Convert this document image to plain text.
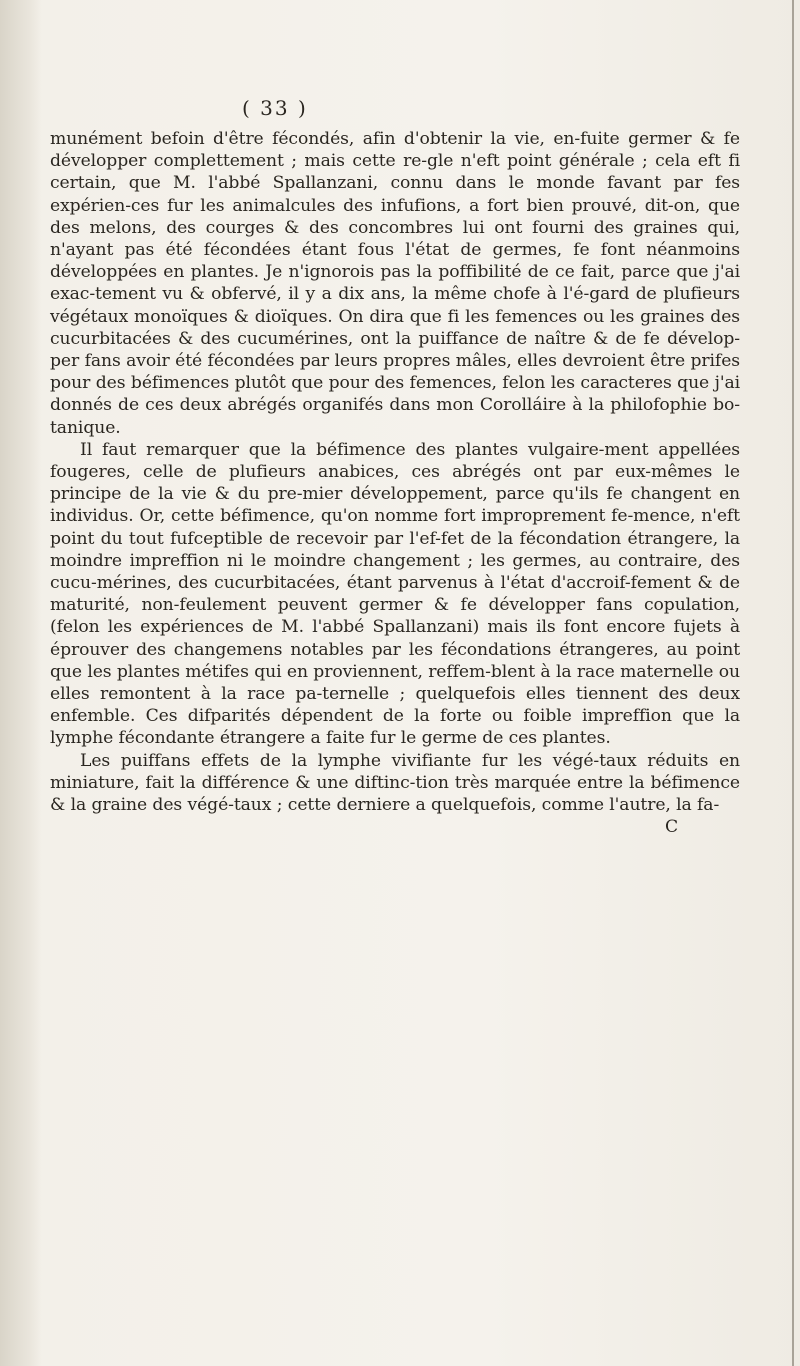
( 33 )

munément befoin d'être fécondés, afin d'obtenir la vie, en-fuite germer & fe développer complettement ; mais cette re-gle n'eft point générale ; cela eft fi certain, que M. l'abbé Spallanzani, connu dans le monde favant par fes expérien-ces fur les animalcules des infufions, a fort bien prouvé, dit-on, que des melons, des courges & des concombres lui ont fourni des graines qui, n'ayant pas été fécondées étant fous l'état de germes, fe font néanmoins développées en plantes. Je n'ignorois pas la poffibilité de ce fait, parce que j'ai exac-tement vu & obfervé, il y a dix ans, la même chofe à l'é-gard de plufieurs végétaux monoïques & dioïques. On dira que fi les femences ou les graines des cucurbitacées & des cucumérines, ont la puiffance de naître & de fe dévelop-per fans avoir été fécondées par leurs propres mâles, elles devroient être prifes pour des béfimences plutôt que pour des femences, felon les caracteres que j'ai donnés de ces deux abrégés organifés dans mon Corolláire à la philofophie bo-tanique.

Il faut remarquer que la béfimence des plantes vulgaire-ment appellées fougeres, celle de plufieurs anabices, ces abrégés ont par eux-mêmes le principe de la vie & du pre-mier développement, parce qu'ils fe changent en individus. Or, cette béfimence, qu'on nomme fort improprement fe-mence, n'eft point du tout fufceptible de recevoir par l'ef-fet de la fécondation étrangere, la moindre impreffion ni le moindre changement ; les germes, au contraire, des cucu-mérines, des cucurbitacées, étant parvenus à l'état d'accroif-fement & de maturité, non-feulement peuvent germer & fe développer fans copulation, (felon les expériences de M. l'abbé Spallanzani) mais ils font encore fujets à éprouver des changemens notables par les fécondations étrangeres, au point que les plantes métifes qui en proviennent, reffem-blent à la race maternelle ou elles remontent à la race pa-ternelle ; quelquefois elles tiennent des deux enfemble. Ces difparités dépendent de la forte ou foible impreffion que la lymphe fécondante étrangere a faite fur le germe de ces plantes.

Les puiffans effets de la lymphe vivifiante fur les végé-taux réduits en miniature, fait la différence & une diftinc-tion très marquée entre la béfimence & la graine des végé-taux ; cette derniere a quelquefois, comme l'autre, la fa-

C
